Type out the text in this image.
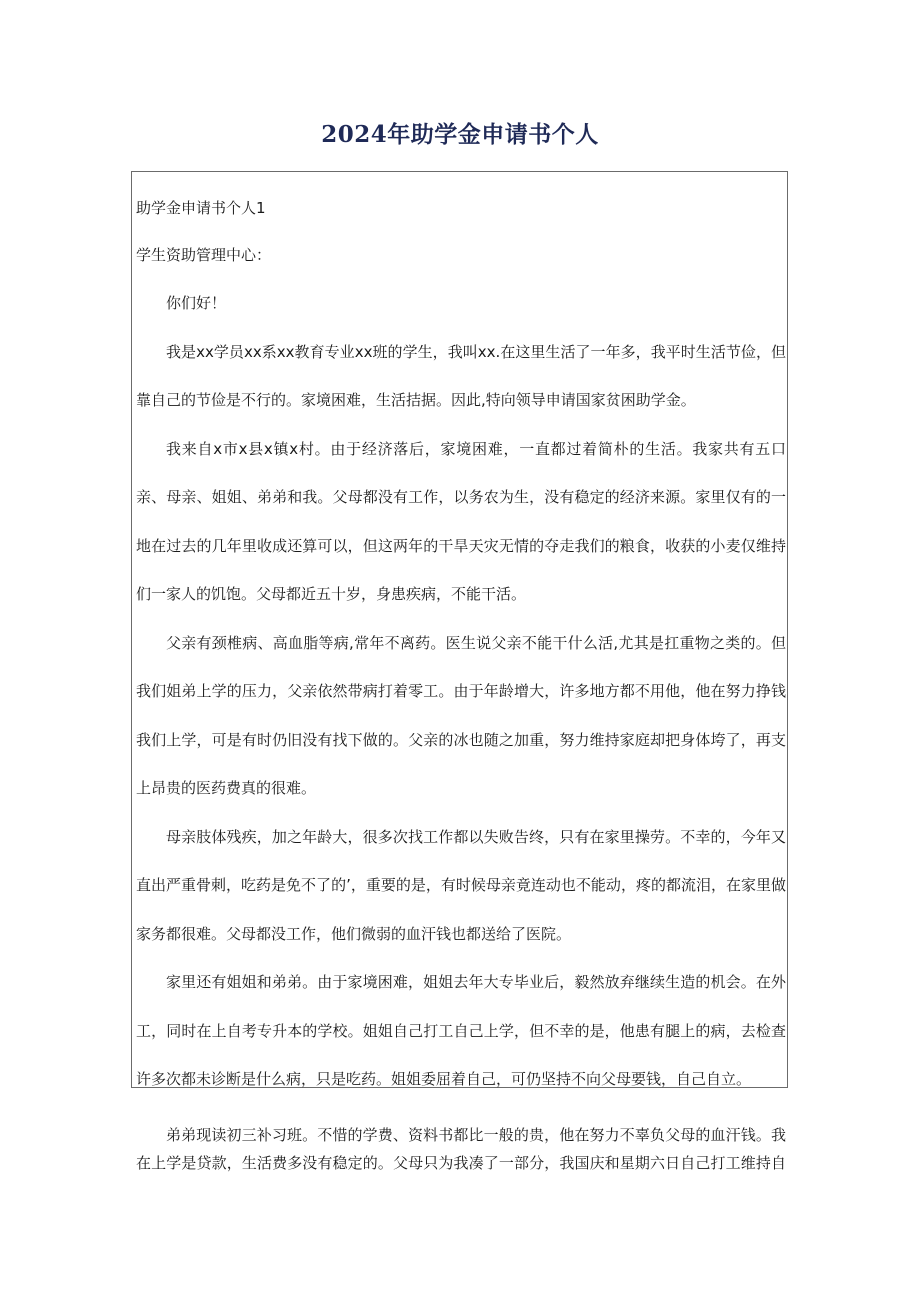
2024年助学金申请书个人
助学金申请书个人1
学生资助管理中心：
你们好！
我是xx学员xx系xx教育专业xx班的学生，我叫xx.在这里生活了一年多，我平时生活节俭，但
靠自己的节俭是不行的。家境困难，生活拮据。因此,特向领导申请国家贫困助学金。
我来自x市x县x镇x村。由于经济落后，家境困难，一直都过着简朴的生活。我家共有五口
亲、母亲、姐姐、弟弟和我。父母都没有工作，以务农为生，没有稳定的经济来源。家里仅有的一
地在过去的几年里收成还算可以，但这两年的干旱天灾无情的夺走我们的粮食，收获的小麦仅维持
们一家人的饥饱。父母都近五十岁，身患疾病，不能干活。
父亲有颈椎病、高血脂等病,常年不离药。医生说父亲不能干什么活,尤其是扛重物之类的。但
我们姐弟上学的压力，父亲依然带病打着零工。由于年龄增大，许多地方都不用他，他在努力挣钱
我们上学，可是有时仍旧没有找下做的。父亲的冰也随之加重，努力维持家庭却把身体垮了，再支
上昂贵的医药费真的很难。
母亲肢体残疾，加之年龄大，很多次找工作都以失败告终，只有在家里操劳。不幸的，今年又
直出严重骨刺，吃药是免不了的’，重要的是，有时候母亲竟连动也不能动，疼的都流泪，在家里做
家务都很难。父母都没工作，他们微弱的血汗钱也都送给了医院。
家里还有姐姐和弟弟。由于家境困难，姐姐去年大专毕业后，毅然放弃继续生造的机会。在外
工，同时在上自考专升本的学校。姐姐自己打工自己上学，但不幸的是，他患有腿上的病，去检查
许多次都未诊断是什么病，只是吃药。姐姐委屈着自己，可仍坚持不向父母要钱，自己自立。
弟弟现读初三补习班。不惜的学费、资料书都比一般的贵，他在努力不辜负父母的血汗钱。我
在上学是贷款，生活费多没有稳定的。父母只为我凑了一部分，我国庆和星期六日自己打工维持自
